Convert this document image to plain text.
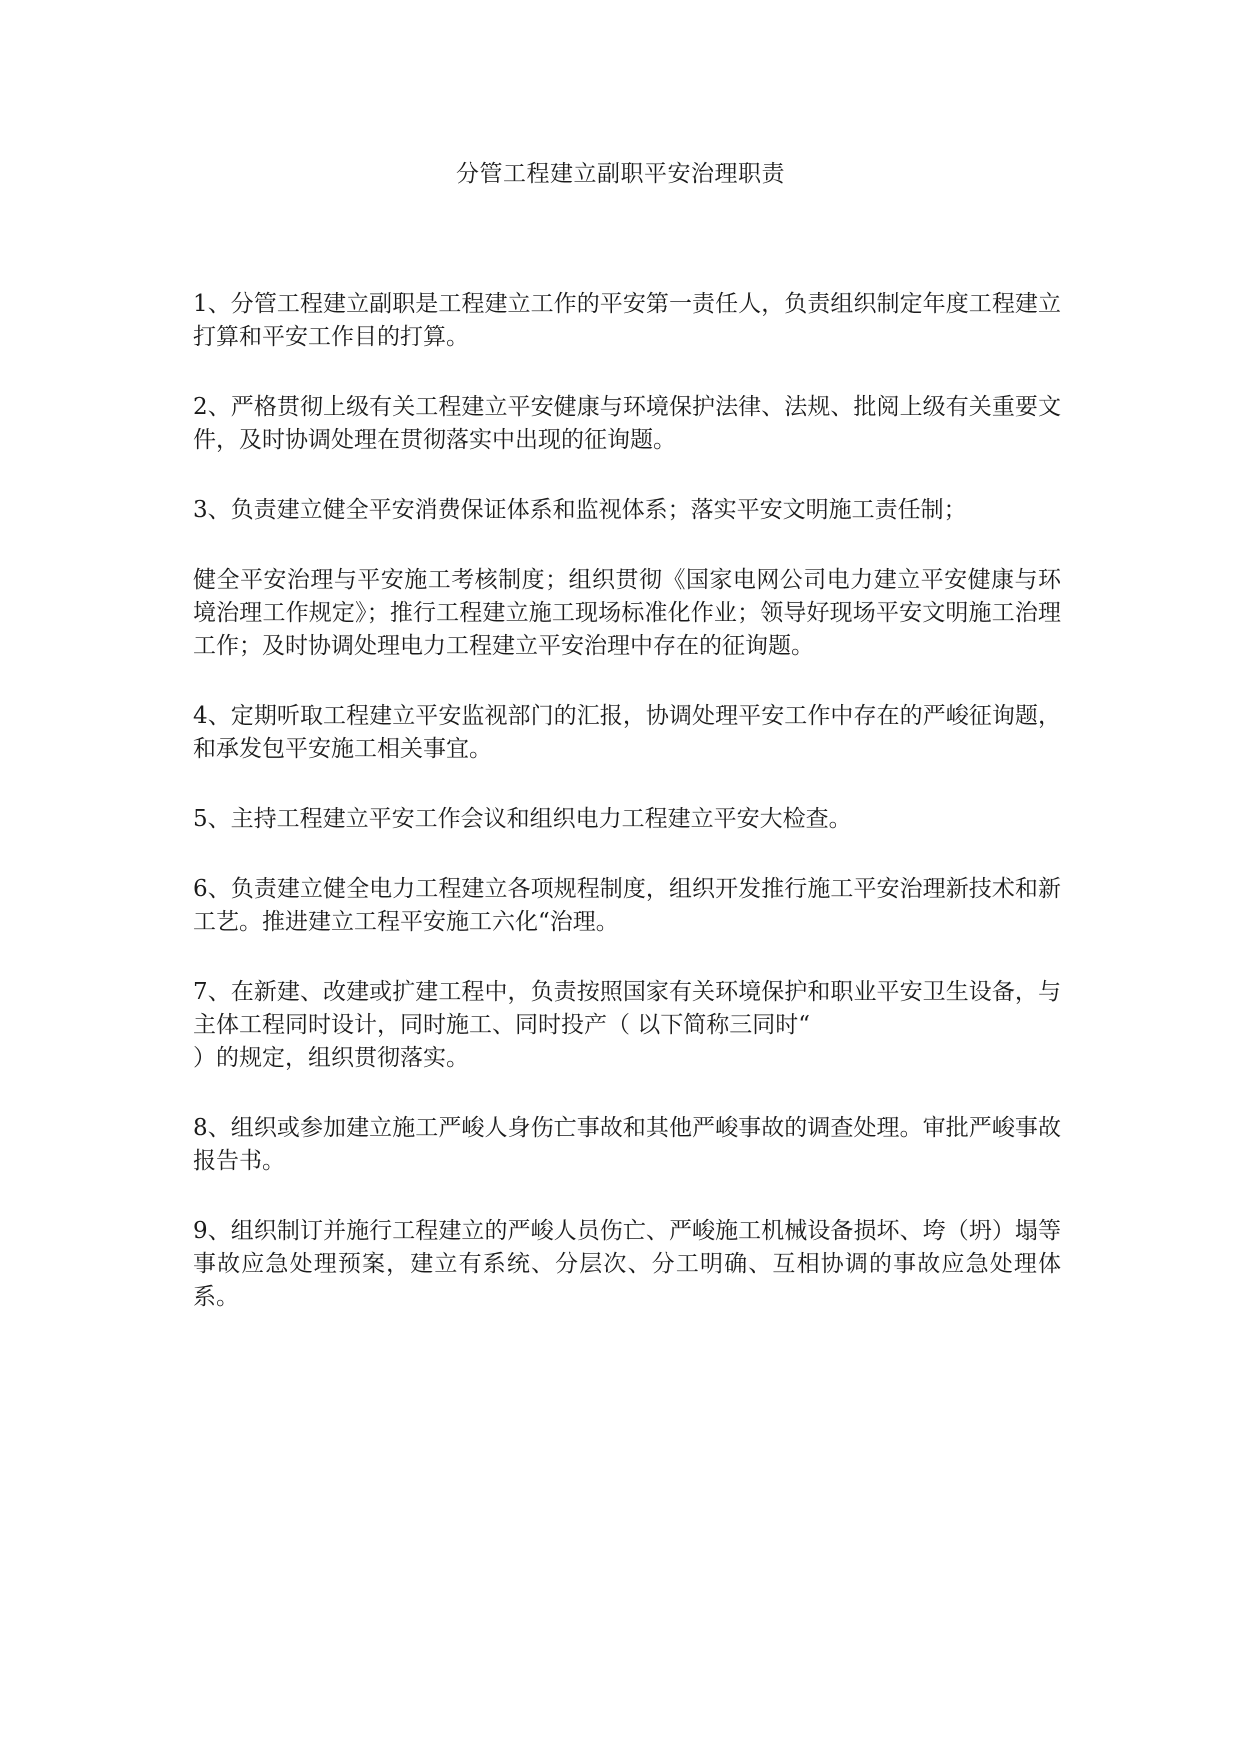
分管工程建立副职平安治理职责

1、分管工程建立副职是工程建立工作的平安第一责任人，负责组织制定年度工程建立打算和平安工作目的打算。

2、严格贯彻上级有关工程建立平安健康与环境保护法律、法规、批阅上级有关重要文件，及时协调处理在贯彻落实中出现的征询题。

3、负责建立健全平安消费保证体系和监视体系；落实平安文明施工责任制；

健全平安治理与平安施工考核制度；组织贯彻《国家电网公司电力建立平安健康与环境治理工作规定》；推行工程建立施工现场标准化作业；领导好现场平安文明施工治理工作；及时协调处理电力工程建立平安治理中存在的征询题。

4、定期听取工程建立平安监视部门的汇报，协调处理平安工作中存在的严峻征询题，和承发包平安施工相关事宜。

5、主持工程建立平安工作会议和组织电力工程建立平安大检查。

6、负责建立健全电力工程建立各项规程制度，组织开发推行施工平安治理新技术和新工艺。推进建立工程平安施工六化“治理。

7、在新建、改建或扩建工程中，负责按照国家有关环境保护和职业平安卫生设备，与主体工程同时设计，同时施工、同时投产（ 以下简称三同时“
）的规定，组织贯彻落实。

8、组织或参加建立施工严峻人身伤亡事故和其他严峻事故的调查处理。审批严峻事故报告书。

9、组织制订并施行工程建立的严峻人员伤亡、严峻施工机械设备损坏、垮（坍）塌等事故应急处理预案，建立有系统、分层次、分工明确、互相协调的事故应急处理体系。
